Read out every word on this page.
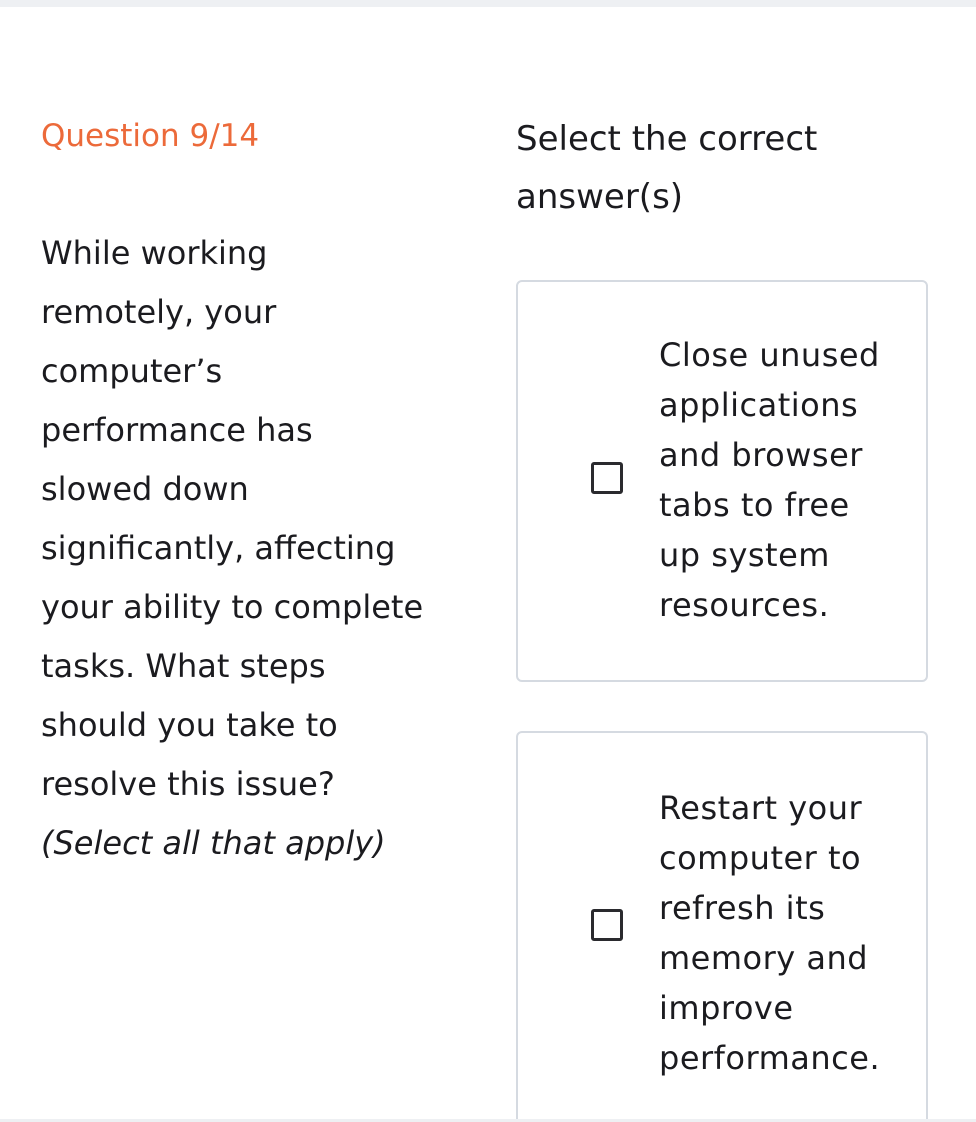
Question 9/14

While working
remotely, your
computer’s
performance has
slowed down
significantly, affecting
your ability to complete
tasks. What steps
should you take to
resolve this issue?

(Select all that apply)

Select the correct
answer(s)

Close unused
applications
and browser
tabs to free
up system
resources.
Restart your
computer to
refresh its
memory and
improve
performance.
